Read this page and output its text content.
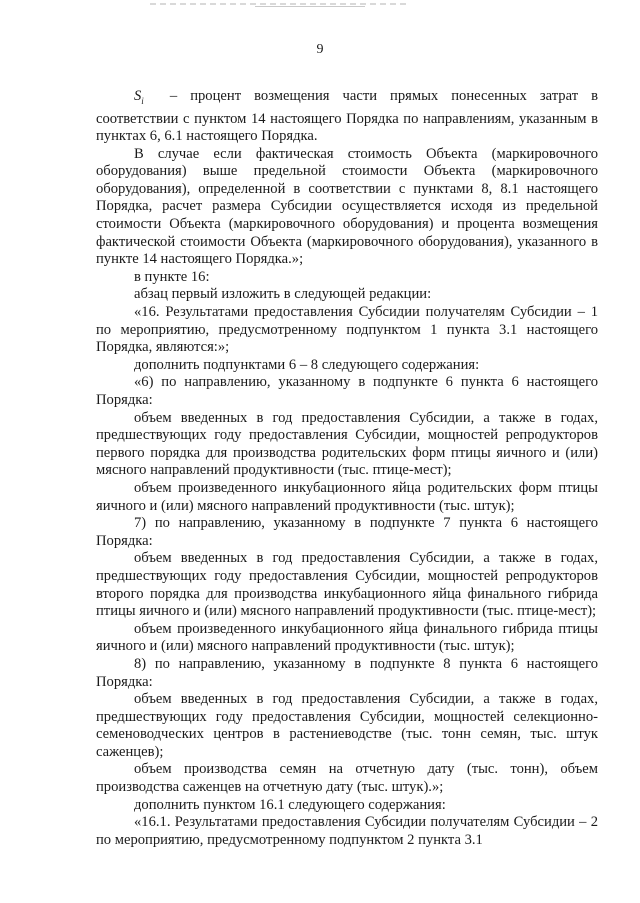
9

$S_i$ – процент возмещения части прямых понесенных затрат в соответствии с пунктом 14 настоящего Порядка по направлениям, указанным в пунктах 6, 6.1 настоящего Порядка.

В случае если фактическая стоимость Объекта (маркировочного оборудования) выше предельной стоимости Объекта (маркировочного оборудования), определенной в соответствии с пунктами 8, 8.1 настоящего Порядка, расчет размера Субсидии осуществляется исходя из предельной стоимости Объекта (маркировочного оборудования) и процента возмещения фактической стоимости Объекта (маркировочного оборудования), указанного в пункте 14 настоящего Порядка.»;

в пункте 16:

абзац первый изложить в следующей редакции:

«16. Результатами предоставления Субсидии получателям Субсидии – 1 по мероприятию, предусмотренному подпунктом 1 пункта 3.1 настоящего Порядка, являются:»;

дополнить подпунктами 6 – 8 следующего содержания:

«6) по направлению, указанному в подпункте 6 пункта 6 настоящего Порядка:

объем введенных в год предоставления Субсидии, а также в годах, предшествующих году предоставления Субсидии, мощностей репродукторов первого порядка для производства родительских форм птицы яичного и (или) мясного направлений продуктивности (тыс. птице-мест);

объем произведенного инкубационного яйца родительских форм птицы яичного и (или) мясного направлений продуктивности (тыс. штук);

7) по направлению, указанному в подпункте 7 пункта 6 настоящего Порядка:

объем введенных в год предоставления Субсидии, а также в годах, предшествующих году предоставления Субсидии, мощностей репродукторов второго порядка для производства инкубационного яйца финального гибрида птицы яичного и (или) мясного направлений продуктивности (тыс. птице-мест);

объем произведенного инкубационного яйца финального гибрида птицы яичного и (или) мясного направлений продуктивности (тыс. штук);

8) по направлению, указанному в подпункте 8 пункта 6 настоящего Порядка:

объем введенных в год предоставления Субсидии, а также в годах, предшествующих году предоставления Субсидии, мощностей селекционно-семеноводческих центров в растениеводстве (тыс. тонн семян, тыс. штук саженцев);

объем производства семян на отчетную дату (тыс. тонн), объем производства саженцев на отчетную дату (тыс. штук).»;

дополнить пунктом 16.1 следующего содержания:

«16.1. Результатами предоставления Субсидии получателям Субсидии – 2 по мероприятию, предусмотренному подпунктом 2 пункта 3.1
